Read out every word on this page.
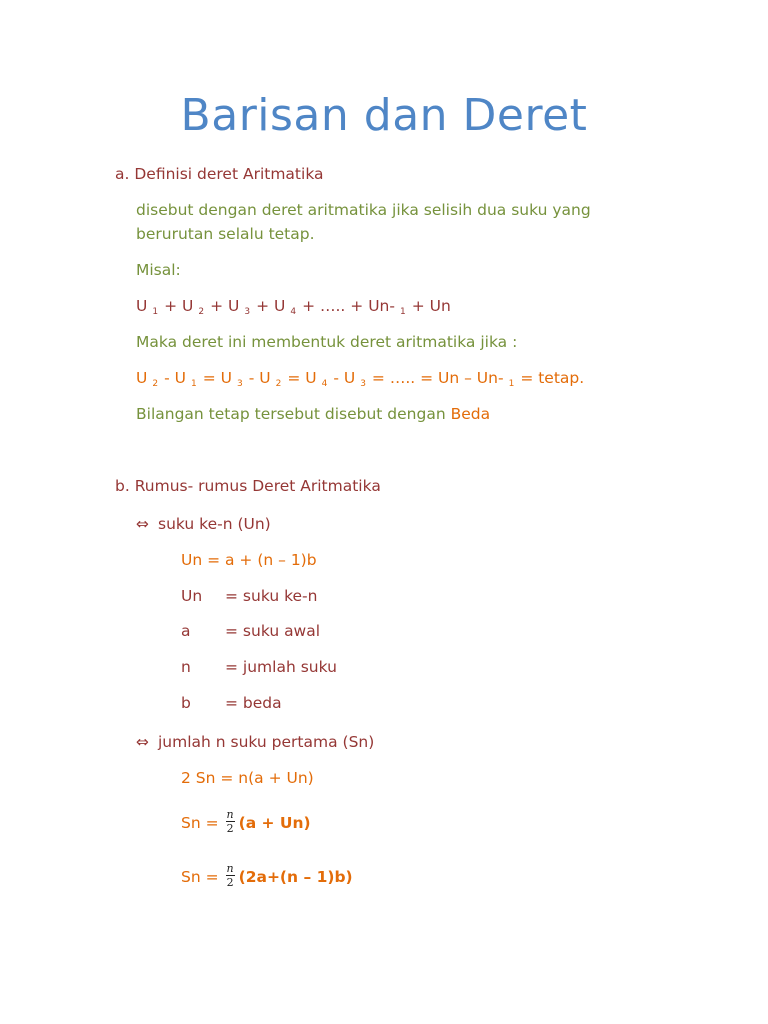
Barisan dan Deret
a. Definisi deret Aritmatika
disebut dengan deret aritmatika jika selisih dua suku yang
berurutan selalu tetap.
Misal:
U 1 + U 2 + U 3 + U 4 + ….. + Un- 1 + Un
Maka deret ini membentuk deret aritmatika jika :
U 2 - U 1 = U 3 - U 2 = U 4 - U 3 = ….. = Un – Un- 1 = tetap.
Bilangan tetap tersebut disebut dengan Beda
b. Rumus- rumus Deret Aritmatika
⇔ suku ke-n (Un)
Un = a + (n – 1)b
Un = suku ke-n
a = suku awal
n = jumlah suku
b = beda
⇔ jumlah n suku pertama (Sn)
2 Sn = n(a + Un)
$Sn = \frac{n}{2} (a + Un)$
$Sn = \frac{n}{2} (2a+(n - 1)b)$
